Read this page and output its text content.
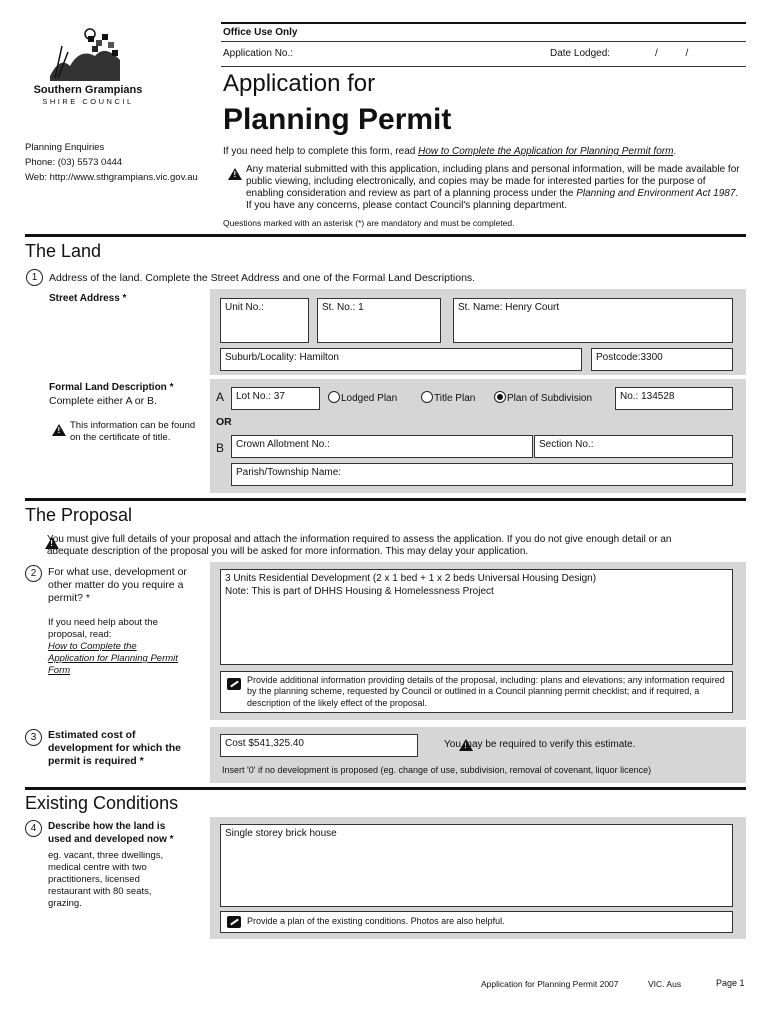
Southern Grampians
SHIRE COUNCIL
Planning Enquiries
Phone: (03) 5573 0444
Web: http://www.sthgrampians.vic.gov.au
Office Use Only
Application No.:	Date Lodged:	/          /
Application for
Planning Permit
If you need help to complete this form, read How to Complete the Application for Planning Permit form.
!
Any material submitted with this application, including plans and personal information, will be made available for public viewing, including electronically, and copies may be made for interested parties for the purpose of enabling consideration and review as part of a planning process under the Planning and Environment Act 1987. If you have any concerns, please contact Council's planning department.
Questions marked with an asterisk (*) are mandatory and must be completed.
The Land
1	Address of the land. Complete the Street Address and one of the Formal Land Descriptions.
Street Address *
Unit No.:	St. No.: 1	St. Name: Henry Court
Suburb/Locality: Hamilton	Postcode:3300
Formal Land Description *
Complete either A or B.
!
This information can be found on the certificate of title.
A	Lot No.: 37	Lodged Plan	Title Plan	Plan of Subdivision	No.: 134528
OR
B	Crown Allotment No.:	Section No.:
Parish/Township Name:
The Proposal
!
You must give full details of your proposal and attach the information required to assess the application. If you do not give enough detail or an adequate description of the proposal you will be asked for more information. This may delay your application.
2	For what use, development or other matter do you require a permit? *
If you need help about the proposal, read:
How to Complete the Application for Planning Permit Form
3 Units Residential Development (2 x 1 bed + 1 x 2 beds Universal Housing Design)
Note: This is part of DHHS Housing & Homelessness Project
Provide additional information providing details of the proposal, including: plans and elevations; any information required by the planning scheme, requested by Council or outlined in a Council planning permit checklist; and if required, a description of the likely effect of the proposal.
3	Estimated cost of development for which the permit is required *
Cost $541,325.40
!	You may be required to verify this estimate.
Insert '0' if no development is proposed (eg. change of use, subdivision, removal of covenant, liquor licence)
Existing Conditions
4	Describe how the land is used and developed now *
eg. vacant, three dwellings, medical centre with two practitioners, licensed restaurant with 80 seats, grazing.
Single storey brick house
Provide a plan of the existing conditions. Photos are also helpful.
Application for Planning Permit 2007	VIC. Aus	Page 1
